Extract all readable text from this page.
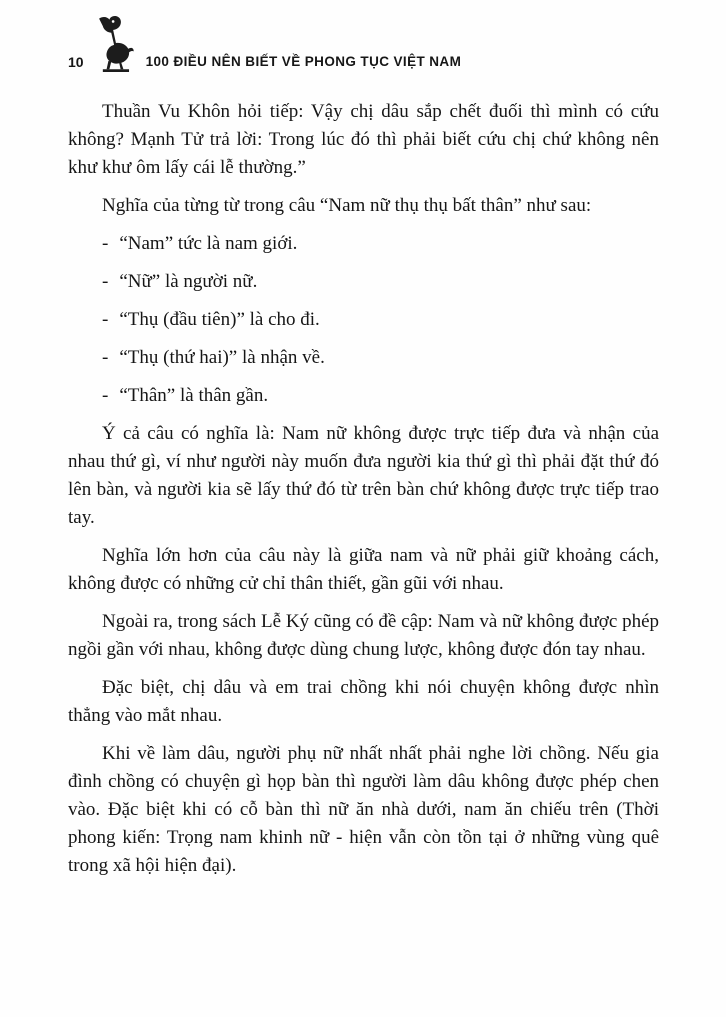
10	100 ĐIỀU NÊN BIẾT VỀ PHONG TỤC VIỆT NAM

Thuần Vu Khôn hỏi tiếp: Vậy chị dâu sắp chết đuối thì mình có cứu không? Mạnh Tử trả lời: Trong lúc đó thì phải biết cứu chị chứ không nên khư khư ôm lấy cái lễ thường.”

Nghĩa của từng từ trong câu “Nam nữ thụ thụ bất thân” như sau:

- “Nam” tức là nam giới.

- “Nữ” là người nữ.

- “Thụ (đầu tiên)” là cho đi.

- “Thụ (thứ hai)” là nhận về.

- “Thân” là thân gần.

Ý cả câu có nghĩa là: Nam nữ không được trực tiếp đưa và nhận của nhau thứ gì, ví như người này muốn đưa người kia thứ gì thì phải đặt thứ đó lên bàn, và người kia sẽ lấy thứ đó từ trên bàn chứ không được trực tiếp trao tay.

Nghĩa lớn hơn của câu này là giữa nam và nữ phải giữ khoảng cách, không được có những cử chỉ thân thiết, gần gũi với nhau.

Ngoài ra, trong sách Lễ Ký cũng có đề cập: Nam và nữ không được phép ngồi gần với nhau, không được dùng chung lược, không được đón tay nhau.

Đặc biệt, chị dâu và em trai chồng khi nói chuyện không được nhìn thẳng vào mắt nhau.

Khi về làm dâu, người phụ nữ nhất nhất phải nghe lời chồng. Nếu gia đình chồng có chuyện gì họp bàn thì người làm dâu không được phép chen vào. Đặc biệt khi có cỗ bàn thì nữ ăn nhà dưới, nam ăn chiếu trên (Thời phong kiến: Trọng nam khinh nữ - hiện vẫn còn tồn tại ở những vùng quê trong xã hội hiện đại).
